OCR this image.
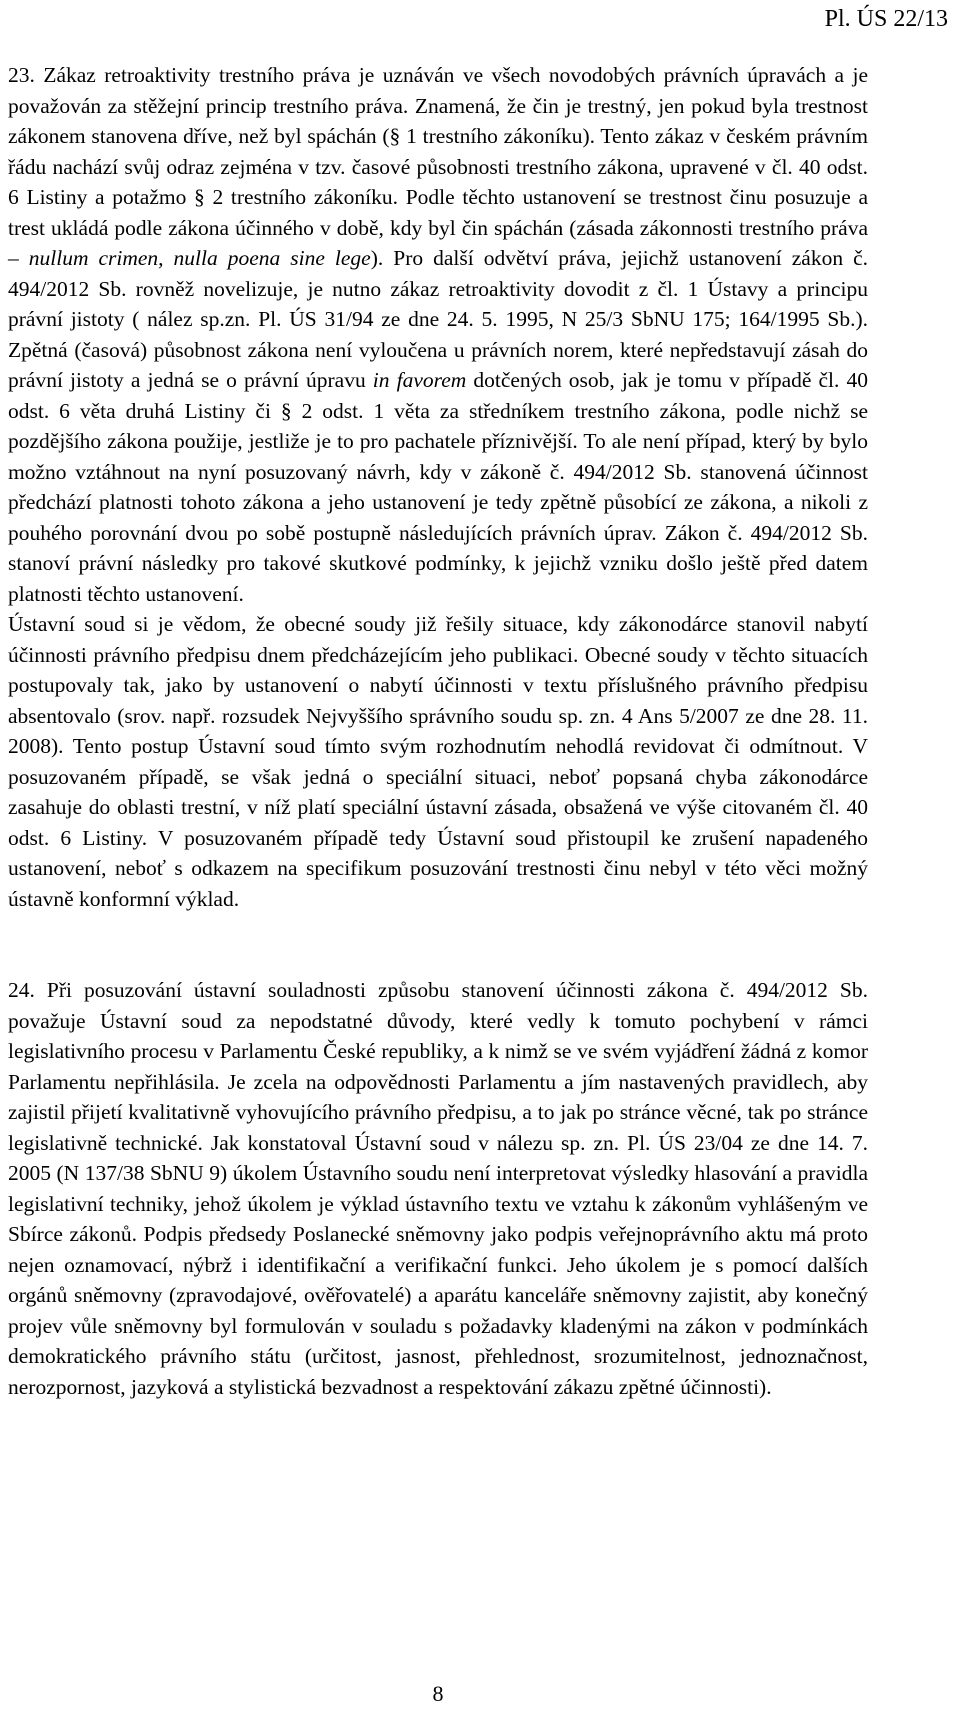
Pl. ÚS 22/13

23. Zákaz retroaktivity trestního práva je uznáván ve všech novodobých právních úpravách a je považován za stěžejní princip trestního práva. Znamená, že čin je trestný, jen pokud byla trestnost zákonem stanovena dříve, než byl spáchán (§ 1 trestního zákoníku). Tento zákaz v českém právním řádu nachází svůj odraz zejména v tzv. časové působnosti trestního zákona, upravené v čl. 40 odst. 6 Listiny a potažmo § 2 trestního zákoníku. Podle těchto ustanovení se trestnost činu posuzuje a trest ukládá podle zákona účinného v době, kdy byl čin spáchán (zásada zákonnosti trestního práva – nullum crimen, nulla poena sine lege). Pro další odvětví práva, jejichž ustanovení zákon č. 494/2012 Sb. rovněž novelizuje, je nutno zákaz retroaktivity dovodit z čl. 1 Ústavy a principu právní jistoty ( nález sp.zn. Pl. ÚS 31/94 ze dne 24. 5. 1995, N 25/3 SbNU 175; 164/1995 Sb.). Zpětná (časová) působnost zákona není vyloučena u právních norem, které nepředstavují zásah do právní jistoty a jedná se o právní úpravu in favorem dotčených osob, jak je tomu v případě čl. 40 odst. 6 věta druhá Listiny či § 2 odst. 1 věta za středníkem trestního zákona, podle nichž se pozdějšího zákona použije, jestliže je to pro pachatele příznivější. To ale není případ, který by bylo možno vztáhnout na nyní posuzovaný návrh, kdy v zákoně č. 494/2012 Sb. stanovená účinnost předchází platnosti tohoto zákona a jeho ustanovení je tedy zpětně působící ze zákona, a nikoli z pouhého porovnání dvou po sobě postupně následujících právních úprav. Zákon č. 494/2012 Sb. stanoví právní následky pro takové skutkové podmínky, k jejichž vzniku došlo ještě před datem platnosti těchto ustanovení.

Ústavní soud si je vědom, že obecné soudy již řešily situace, kdy zákonodárce stanovil nabytí účinnosti právního předpisu dnem předcházejícím jeho publikaci. Obecné soudy v těchto situacích postupovaly tak, jako by ustanovení o nabytí účinnosti v textu příslušného právního předpisu absentovalo (srov. např. rozsudek Nejvyššího správního soudu sp. zn. 4 Ans 5/2007 ze dne 28. 11. 2008). Tento postup Ústavní soud tímto svým rozhodnutím nehodlá revidovat či odmítnout. V posuzovaném případě, se však jedná o speciální situaci, neboť popsaná chyba zákonodárce zasahuje do oblasti trestní, v níž platí speciální ústavní zásada, obsažená ve výše citovaném čl. 40 odst. 6 Listiny. V posuzovaném případě tedy Ústavní soud přistoupil ke zrušení napadeného ustanovení, neboť s odkazem na specifikum posuzování trestnosti činu nebyl v této věci možný ústavně konformní výklad.

24. Při posuzování ústavní souladnosti způsobu stanovení účinnosti zákona č. 494/2012 Sb. považuje Ústavní soud za nepodstatné důvody, které vedly k tomuto pochybení v rámci legislativního procesu v Parlamentu České republiky, a k nimž se ve svém vyjádření žádná z komor Parlamentu nepřihlásila. Je zcela na odpovědnosti Parlamentu a jím nastavených pravidlech, aby zajistil přijetí kvalitativně vyhovujícího právního předpisu, a to jak po stránce věcné, tak po stránce legislativně technické. Jak konstatoval Ústavní soud v nálezu sp. zn. Pl. ÚS 23/04 ze dne 14. 7. 2005 (N 137/38 SbNU 9) úkolem Ústavního soudu není interpretovat výsledky hlasování a pravidla legislativní techniky, jehož úkolem je výklad ústavního textu ve vztahu k zákonům vyhlášeným ve Sbírce zákonů. Podpis předsedy Poslanecké sněmovny jako podpis veřejnoprávního aktu má proto nejen oznamovací, nýbrž i identifikační a verifikační funkci. Jeho úkolem je s pomocí dalších orgánů sněmovny (zpravodajové, ověřovatelé) a aparátu kanceláře sněmovny zajistit, aby konečný projev vůle sněmovny byl formulován v souladu s požadavky kladenými na zákon v podmínkách demokratického právního státu (určitost, jasnost, přehlednost, srozumitelnost, jednoznačnost, nerozpornost, jazyková a stylistická bezvadnost a respektování zákazu zpětné účinnosti).

8
